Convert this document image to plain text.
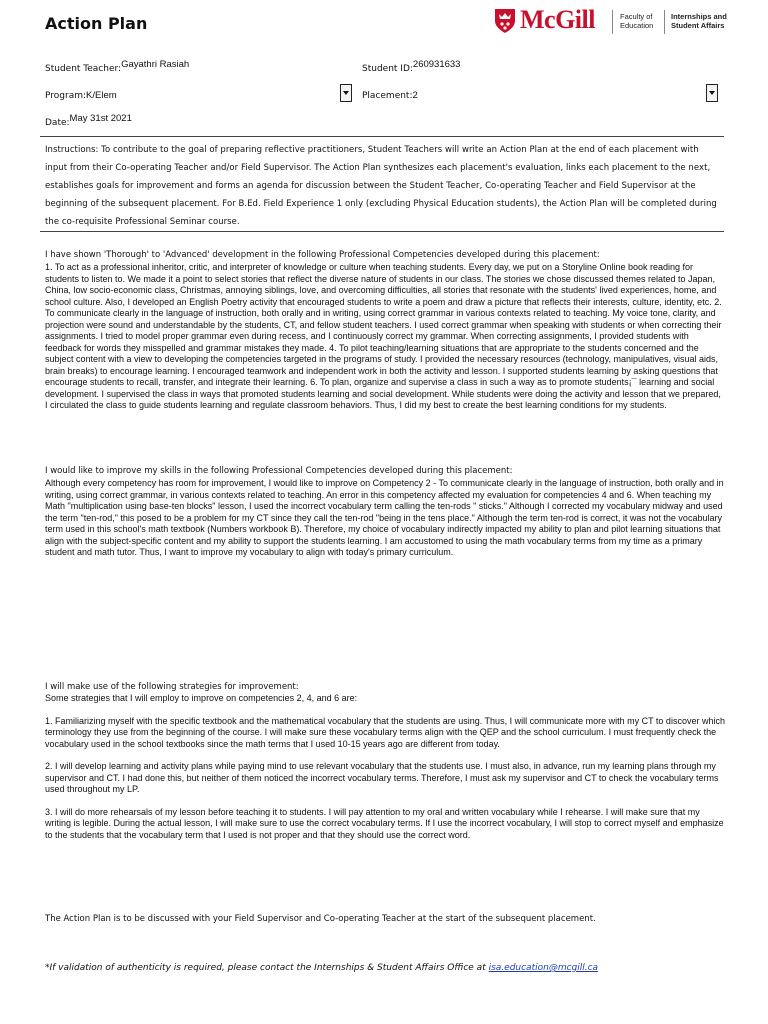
Action Plan	McGill	Faculty of
Education
Internships and
Student Affairs
Student Teacher:$^{Gayathri Rasiah}$	Student ID:$^{260931633}$
Program:K/Elem	Placement:2
Date:$^{May 31st 2021}$
Instructions: To contribute to the goal of preparing reflective practitioners, Student Teachers will write an Action Plan at the end of each placement with input from their Co-operating Teacher and/or Field Supervisor. The Action Plan synthesizes each placement's evaluation, links each placement to the next, establishes goals for improvement and forms an agenda for discussion between the Student Teacher, Co-operating Teacher and Field Supervisor at the beginning of the subsequent placement. For B.Ed. Field Experience 1 only (excluding Physical Education students), the Action Plan will be completed during the co-requisite Professional Seminar course.
I have shown 'Thorough' to 'Advanced' development in the following Professional Competencies developed during this placement:
1. To act as a professional inheritor, critic, and interpreter of knowledge or culture when teaching students. Every day, we put on a Storyline Online book reading for students to listen to. We made it a point to select stories that reflect the diverse nature of students in our class. The stories we chose discussed themes related to Japan, China, low socio-economic class, Christmas, annoying siblings, love, and overcoming difficulties, all stories that resonate with the students' lived experiences, home, and school culture. Also, I developed an English Poetry activity that encouraged students to write a poem and draw a picture that reflects their interests, culture, identity, etc. 2. To communicate clearly in the language of instruction, both orally and in writing, using correct grammar in various contexts related to teaching. My voice tone, clarity, and projection were sound and understandable by the students, CT, and fellow student teachers. I used correct grammar when speaking with students or when correcting their assignments. I tried to model proper grammar even during recess, and I continuously correct my grammar. When correcting assignments, I provided students with feedback for words they misspelled and grammar mistakes they made. 4. To pilot teaching/learning situations that are appropriate to the students concerned and the subject content with a view to developing the competencies targeted in the programs of study. I provided the necessary resources (technology, manipulatives, visual aids, brain breaks) to encourage learning. I encouraged teamwork and independent work in both the activity and lesson. I supported students learning by asking questions that encourage students to recall, transfer, and integrate their learning. 6. To plan, organize and supervise a class in such a way as to promote students¡¯ learning and social development. I supervised the class in ways that promoted students learning and social development. While students were doing the activity and lesson that we prepared, I circulated the class to guide students learning and regulate classroom behaviors. Thus, I did my best to create the best learning conditions for my students.
I would like to improve my skills in the following Professional Competencies developed during this placement:
Although every competency has room for improvement, I would like to improve on Competency 2 - To communicate clearly in the language of instruction, both orally and in writing, using correct grammar, in various contexts related to teaching. An error in this competency affected my evaluation for competencies 4 and 6. When teaching my Math "multiplication using base-ten blocks" lesson, I used the incorrect vocabulary term calling the ten-rods " sticks." Although I corrected my vocabulary midway and used the term "ten-rod," this posed to be a problem for my CT since they call the ten-rod "being in the tens place." Although the term ten-rod is correct, it was not the vocabulary term used in this school's math textbook (Numbers workbook B). Therefore, my choice of vocabulary indirectly impacted my ability to plan and pilot learning situations that align with the subject-specific content and my ability to support the students learning. I am accustomed to using the math vocabulary terms from my time as a primary student and math tutor. Thus, I want to improve my vocabulary to align with today's primary curriculum.
I will make use of the following strategies for improvement:
Some strategies that I will employ to improve on competencies 2, 4, and 6 are:
1. Familiarizing myself with the specific textbook and the mathematical vocabulary that the students are using. Thus, I will communicate more with my CT to discover which terminology they use from the beginning of the course. I will make sure these vocabulary terms align with the QEP and the school curriculum. I must frequently check the vocabulary used in the school textbooks since the math terms that I used 10-15 years ago are different from today.
2. I will develop learning and activity plans while paying mind to use relevant vocabulary that the students use. I must also, in advance, run my learning plans through my supervisor and CT. I had done this, but neither of them noticed the incorrect vocabulary terms. Therefore, I must ask my supervisor and CT to check the vocabulary terms used throughout my LP.
3. I will do more rehearsals of my lesson before teaching it to students. I will pay attention to my oral and written vocabulary while I rehearse. I will make sure that my writing is legible. During the actual lesson, I will make sure to use the correct vocabulary terms. If I use the incorrect vocabulary, I will stop to correct myself and emphasize to the students that the vocabulary term that I used is not proper and that they should use the correct word.
The Action Plan is to be discussed with your Field Supervisor and Co-operating Teacher at the start of the subsequent placement.
*If validation of authenticity is required, please contact the Internships & Student Affairs Office at isa.education@mcgill.ca
